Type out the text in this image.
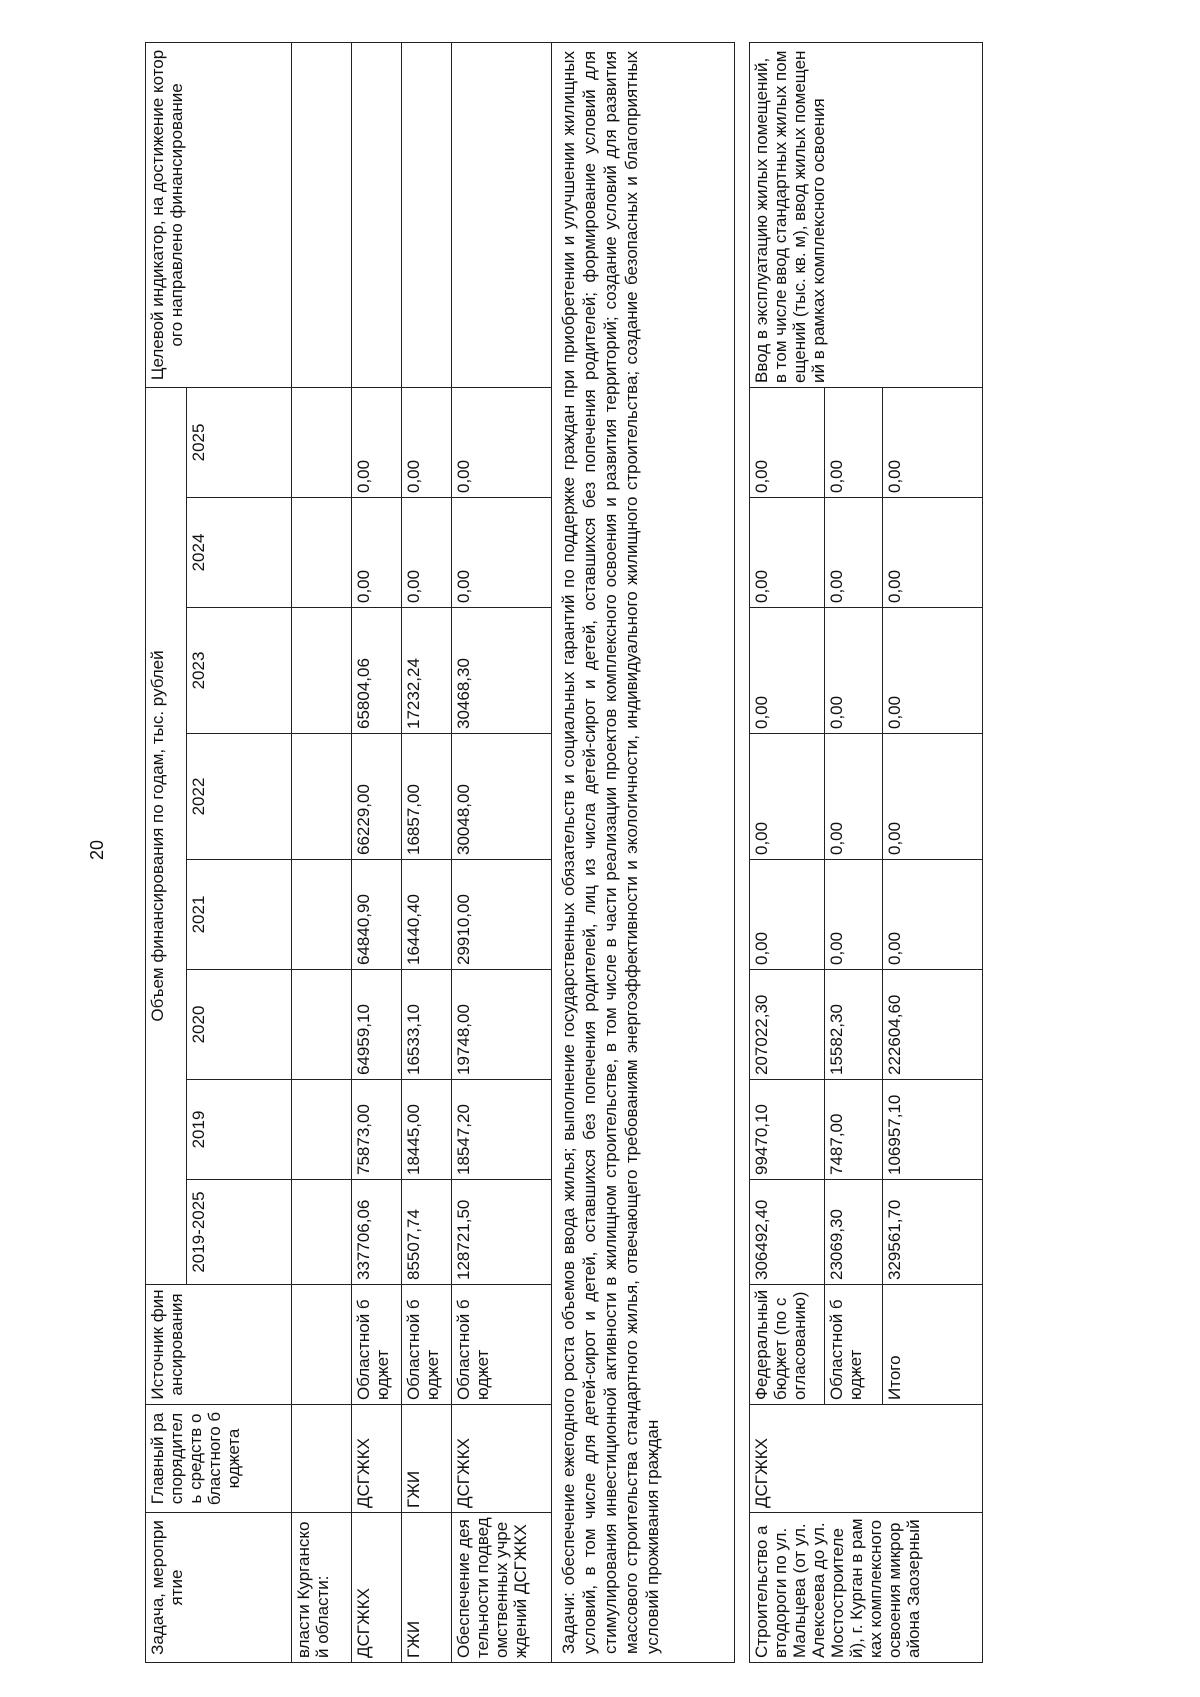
20
Задача, мероприятие	Главный распорядитель средств областного бюджета	Источник финансирования	Объем финансирования по годам, тыс. рублей								Целевой индикатор, на достижение которого направлено финансирование
			2019-2025	2019	2020	2021	2022	2023	2024	2025	
власти Курганской области:											
ДСГЖКХ	ДСГЖКХ	Областной бюджет	337706,06	75873,00	64959,10	64840,90	66229,00	65804,06	0,00	0,00	
ГЖИ	ГЖИ	Областной бюджет	85507,74	18445,00	16533,10	16440,40	16857,00	17232,24	0,00	0,00	
Обеспечение деятельности подведомственных учреждений ДСГЖКХ	ДСГЖКХ	Областной бюджет	128721,50	18547,20	19748,00	29910,00	30048,00	30468,30	0,00	0,00	
Задачи: обеспечение ежегодного роста объемов ввода жилья; выполнение государственных обязательств и социальных гарантий по поддержке граждан при приобретении и улучшении жилищных условий, в том числе для детей-сирот и детей, оставшихся без попечения родителей, лиц из числа детей-сирот и детей, оставшихся без попечения родителей; формирование условий для стимулирования инвестиционной активности в жилищном строительстве, в том числе в части реализации проектов комплексного освоения и развития территорий; создание условий для развития массового строительства стандартного жилья, отвечающего требованиям энергоэффективности и экологичности, индивидуального жилищного строительства; создание безопасных и благоприятных условий проживания граждан											

Строительство автодороги по ул. Мальцева (от ул. Алексеева до ул. Мостостроителей), г. Курган в рамках комплексного освоения микрорайона Заозерный	ДСГЖКХ	Федеральный бюджет (по согласованию)	306492,40	99470,10	207022,30	0,00	0,00	0,00	0,00	0,00	Ввод в эксплуатацию жилых помещений, в том числе ввод стандартных жилых помещений (тыс. кв. м), ввод жилых помещений в рамках комплексного освоения
		Областной бюджет	23069,30	7487,00	15582,30	0,00	0,00	0,00	0,00	0,00	
		Итого	329561,70	106957,10	222604,60	0,00	0,00	0,00	0,00	0,00	
